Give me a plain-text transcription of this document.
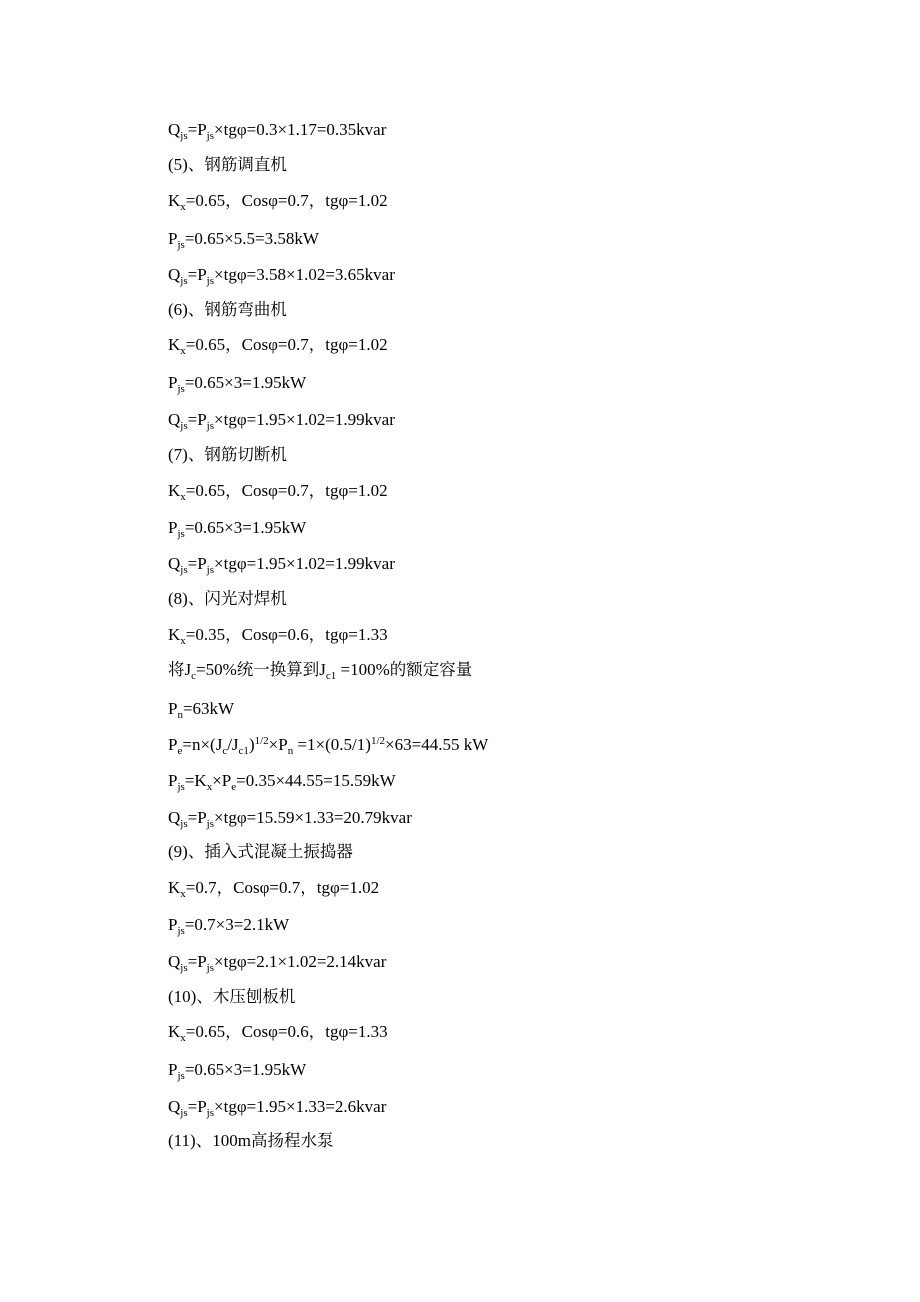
$Q_{js}=P_{js}\times tg\varphi=0.3\times 1.17=0.35kvar$
(5)、钢筋调直机
$K_x=0.65$，Cosφ=0.7，tgφ=1.02
$P_{js}=0.65\times 5.5=3.58kW$
$Q_{js}=P_{js}\times tg\varphi=3.58\times 1.02=3.65kvar$
(6)、钢筋弯曲机
$K_x=0.65$，Cosφ=0.7，tgφ=1.02
$P_{js}=0.65\times 3=1.95kW$
$Q_{js}=P_{js}\times tg\varphi=1.95\times 1.02=1.99kvar$
(7)、钢筋切断机
$K_x=0.65$，Cosφ=0.7，tgφ=1.02
$P_{js}=0.65\times 3=1.95kW$
$Q_{js}=P_{js}\times tg\varphi=1.95\times 1.02=1.99kvar$
(8)、闪光对焊机
$K_x=0.35$，Cosφ=0.6，tgφ=1.33
将$J_c=50\%$统一换算到$J_{c1} =100\%$的额定容量
$P_n=63kW$
$P_e=n\times(J_c/J_{c1})^{1/2}\times P_n =1\times(0.5/1)^{1/2}\times 63=44.55$ kW
$P_{js}=K_x\times P_e=0.35\times 44.55=15.59kW$
$Q_{js}=P_{js}\times tg\varphi=15.59\times 1.33=20.79kvar$
(9)、插入式混凝土振捣器
$K_x=0.7$，Cosφ=0.7，tgφ=1.02
$P_{js}=0.7\times 3=2.1kW$
$Q_{js}=P_{js}\times tg\varphi=2.1\times 1.02=2.14kvar$
(10)、木压刨板机
$K_x=0.65$，Cosφ=0.6，tgφ=1.33
$P_{js}=0.65\times 3=1.95kW$
$Q_{js}=P_{js}\times tg\varphi=1.95\times 1.33=2.6kvar$
(11)、100m高扬程水泵
